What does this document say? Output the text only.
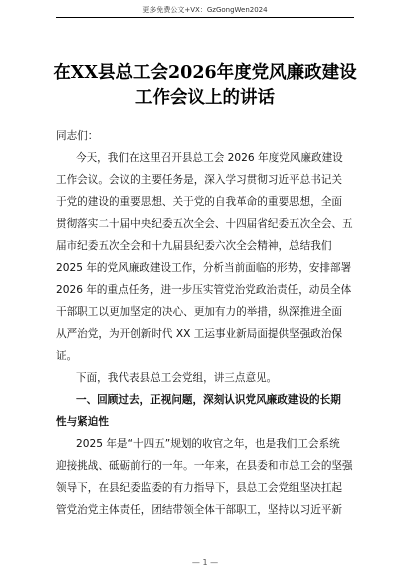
更多免费公文+VX：GzGongWen2024
在XX县总工会2026年度党风廉政建设
工作会议上的讲话
同志们：
今天，我们在这里召开县总工会 2026 年度党风廉政建设
工作会议。会议的主要任务是，深入学习贯彻习近平总书记关
于党的建设的重要思想、关于党的自我革命的重要思想，全面
贯彻落实二十届中央纪委五次全会、十四届省纪委五次全会、五
届市纪委五次全会和十九届县纪委六次全会精神，总结我们
2025 年的党风廉政建设工作，分析当前面临的形势，安排部署
2026 年的重点任务，进一步压实管党治党政治责任，动员全体
干部职工以更加坚定的决心、更加有力的举措，纵深推进全面
从严治党，为开创新时代 XX 工运事业新局面提供坚强政治保
证。
下面，我代表县总工会党组，讲三点意见。
一、回顾过去，正视问题，深刻认识党风廉政建设的长期
性与紧迫性
2025 年是“十四五”规划的收官之年，也是我们工会系统
迎接挑战、砥砺前行的一年。一年来，在县委和市总工会的坚强
领导下，在县纪委监委的有力指导下，县总工会党组坚决扛起
管党治党主体责任，团结带领全体干部职工，坚持以习近平新
— 1 —
